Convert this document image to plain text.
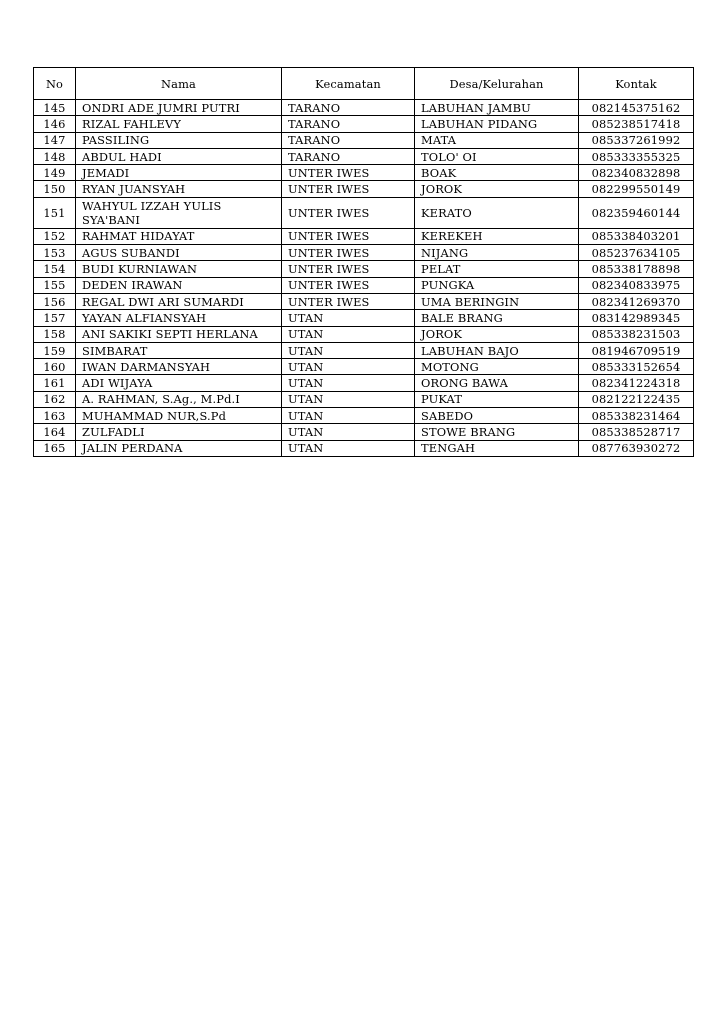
No	Nama	Kecamatan	Desa/Kelurahan	Kontak
145	ONDRI ADE JUMRI PUTRI	TARANO	LABUHAN JAMBU	082145375162
146	RIZAL FAHLEVY	TARANO	LABUHAN PIDANG	085238517418
147	PASSILING	TARANO	MATA	085337261992
148	ABDUL HADI	TARANO	TOLO' OI	085333355325
149	JEMADI	UNTER IWES	BOAK	082340832898
150	RYAN JUANSYAH	UNTER IWES	JOROK	082299550149
151	WAHYUL IZZAH YULIS SYA'BANI	UNTER IWES	KERATO	082359460144
152	RAHMAT HIDAYAT	UNTER IWES	KEREKEH	085338403201
153	AGUS SUBANDI	UNTER IWES	NIJANG	085237634105
154	BUDI KURNIAWAN	UNTER IWES	PELAT	085338178898
155	DEDEN IRAWAN	UNTER IWES	PUNGKA	082340833975
156	REGAL DWI ARI SUMARDI	UNTER IWES	UMA BERINGIN	082341269370
157	YAYAN ALFIANSYAH	UTAN	BALE BRANG	083142989345
158	ANI SAKIKI SEPTI HERLANA	UTAN	JOROK	085338231503
159	SIMBARAT	UTAN	LABUHAN BAJO	081946709519
160	IWAN DARMANSYAH	UTAN	MOTONG	085333152654
161	ADI WIJAYA	UTAN	ORONG BAWA	082341224318
162	A. RAHMAN, S.Ag., M.Pd.I	UTAN	PUKAT	082122122435
163	MUHAMMAD NUR,S.Pd	UTAN	SABEDO	085338231464
164	ZULFADLI	UTAN	STOWE BRANG	085338528717
165	JALIN PERDANA	UTAN	TENGAH	087763930272
